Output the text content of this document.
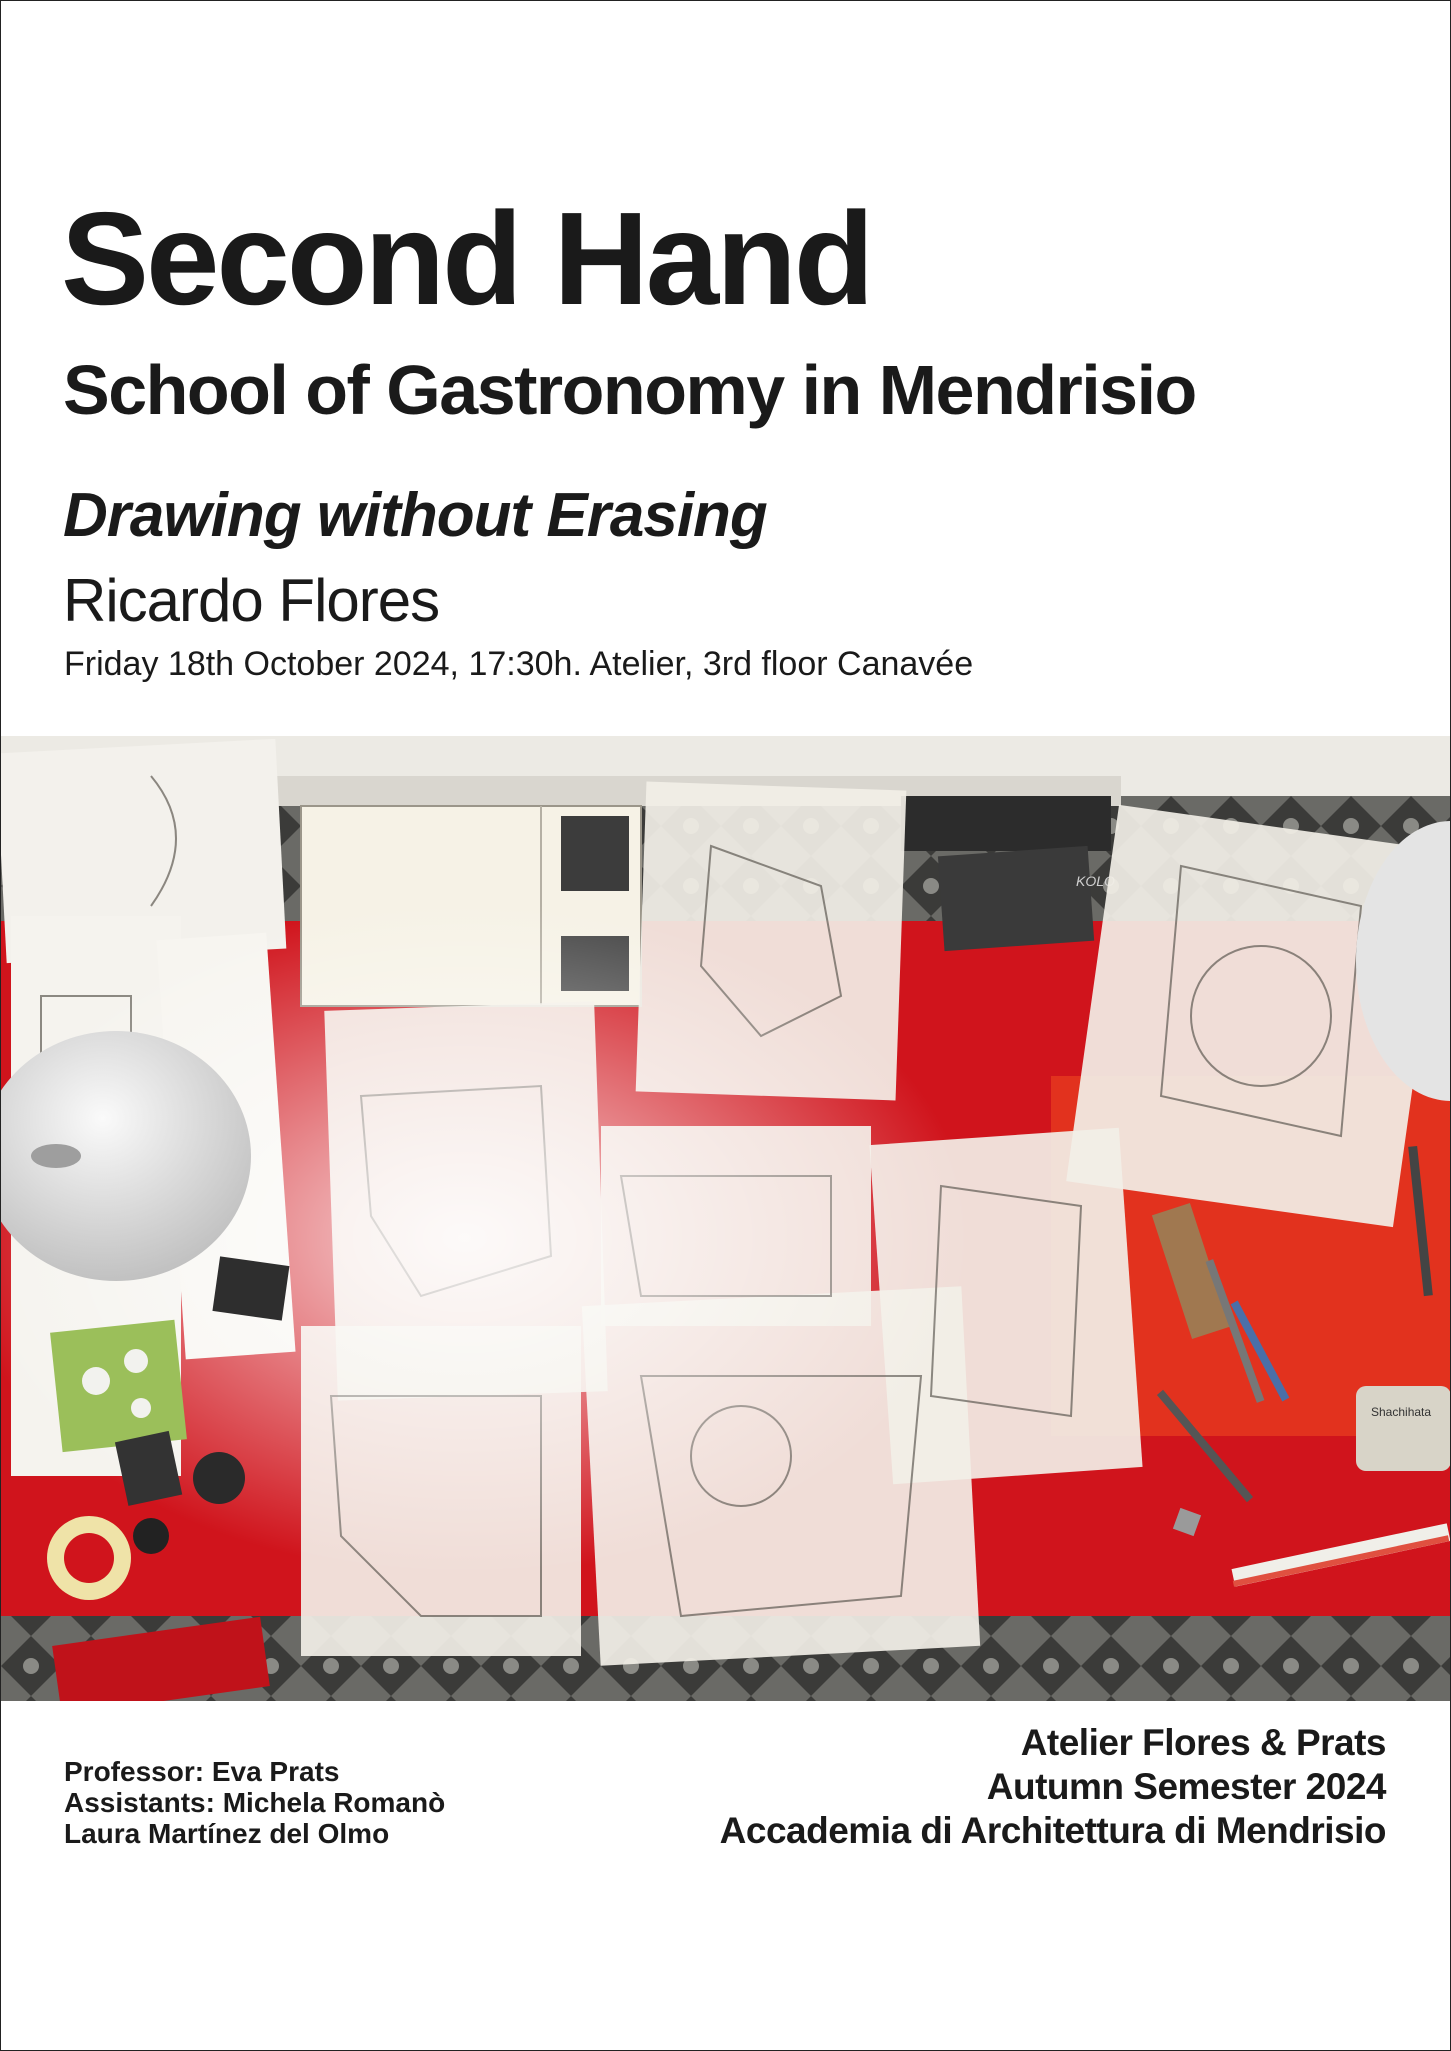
Second Hand
School of Gastronomy in Mendrisio
Drawing without Erasing
Ricardo Flores
Friday 18th October 2024, 17:30h. Atelier, 3rd floor Canavée
Shachihata
Professor: Eva Prats
Assistants: Michela Romanò
Laura Martínez del Olmo
Atelier Flores & Prats
Autumn Semester 2024
Accademia di Architettura di Mendrisio
